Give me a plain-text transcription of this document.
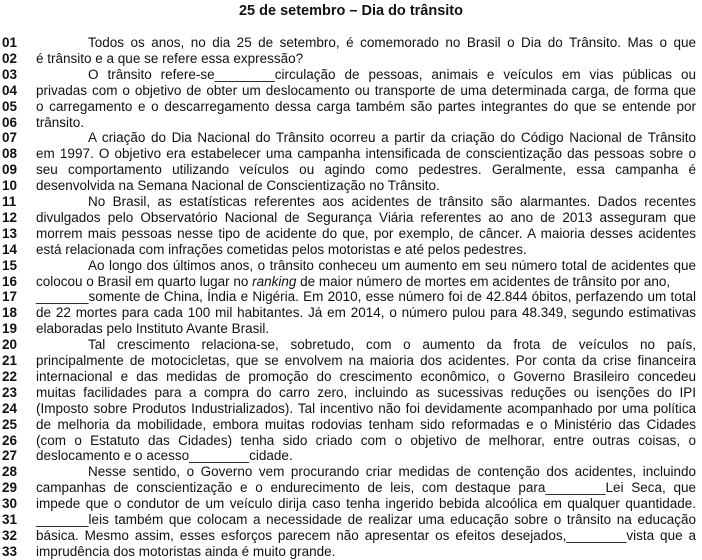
25 de setembro – Dia do trânsito
01	Todos os anos, no dia 25 de setembro, é comemorado no Brasil o Dia do Trânsito. Mas o que
02	é trânsito e a que se refere essa expressão?
03	O trânsito refere-se________circulação de pessoas, animais e veículos em vias públicas ou
04	privadas com o objetivo de obter um deslocamento ou transporte de uma determinada carga, de forma que
05	o carregamento e o descarregamento dessa carga também são partes integrantes do que se entende por
06	trânsito.
07	A criação do Dia Nacional do Trânsito ocorreu a partir da criação do Código Nacional de Trânsito
08	em 1997. O objetivo era estabelecer uma campanha intensificada de conscientização das pessoas sobre o
09	seu comportamento utilizando veículos ou agindo como pedestres. Geralmente, essa campanha é
10	desenvolvida na Semana Nacional de Conscientização no Trânsito.
11	No Brasil, as estatísticas referentes aos acidentes de trânsito são alarmantes. Dados recentes
12	divulgados pelo Observatório Nacional de Segurança Viária referentes ao ano de 2013 asseguram que
13	morrem mais pessoas nesse tipo de acidente do que, por exemplo, de câncer. A maioria desses acidentes
14	está relacionada com infrações cometidas pelos motoristas e até pelos pedestres.
15	Ao longo dos últimos anos, o trânsito conheceu um aumento em seu número total de acidentes que
16	colocou o Brasil em quarto lugar no ranking de maior número de mortes em acidentes de trânsito por ano,
17	_______somente de China, Índia e Nigéria. Em 2010, esse número foi de 42.844 óbitos, perfazendo um total
18	de 22 mortes para cada 100 mil habitantes. Já em 2014, o número pulou para 48.349, segundo estimativas
19	elaboradas pelo Instituto Avante Brasil.
20	Tal crescimento relaciona-se, sobretudo, com o aumento da frota de veículos no país,
21	principalmente de motocicletas, que se envolvem na maioria dos acidentes. Por conta da crise financeira
22	internacional e das medidas de promoção do crescimento econômico, o Governo Brasileiro concedeu
23	muitas facilidades para a compra do carro zero, incluindo as sucessivas reduções ou isenções do IPI
24	(Imposto sobre Produtos Industrializados). Tal incentivo não foi devidamente acompanhado por uma política
25	de melhoria da mobilidade, embora muitas rodovias tenham sido reformadas e o Ministério das Cidades
26	(com o Estatuto das Cidades) tenha sido criado com o objetivo de melhorar, entre outras coisas, o
27	deslocamento e o acesso________cidade.
28	Nesse sentido, o Governo vem procurando criar medidas de contenção dos acidentes, incluindo
29	campanhas de conscientização e o endurecimento de leis, com destaque para________Lei Seca, que
30	impede que o condutor de um veículo dirija caso tenha ingerido bebida alcoólica em qualquer quantidade.
31	_______leis também que colocam a necessidade de realizar uma educação sobre o trânsito na educação
32	básica. Mesmo assim, esses esforços parecem não apresentar os efeitos desejados,________vista que a
33	imprudência dos motoristas ainda é muito grande.
